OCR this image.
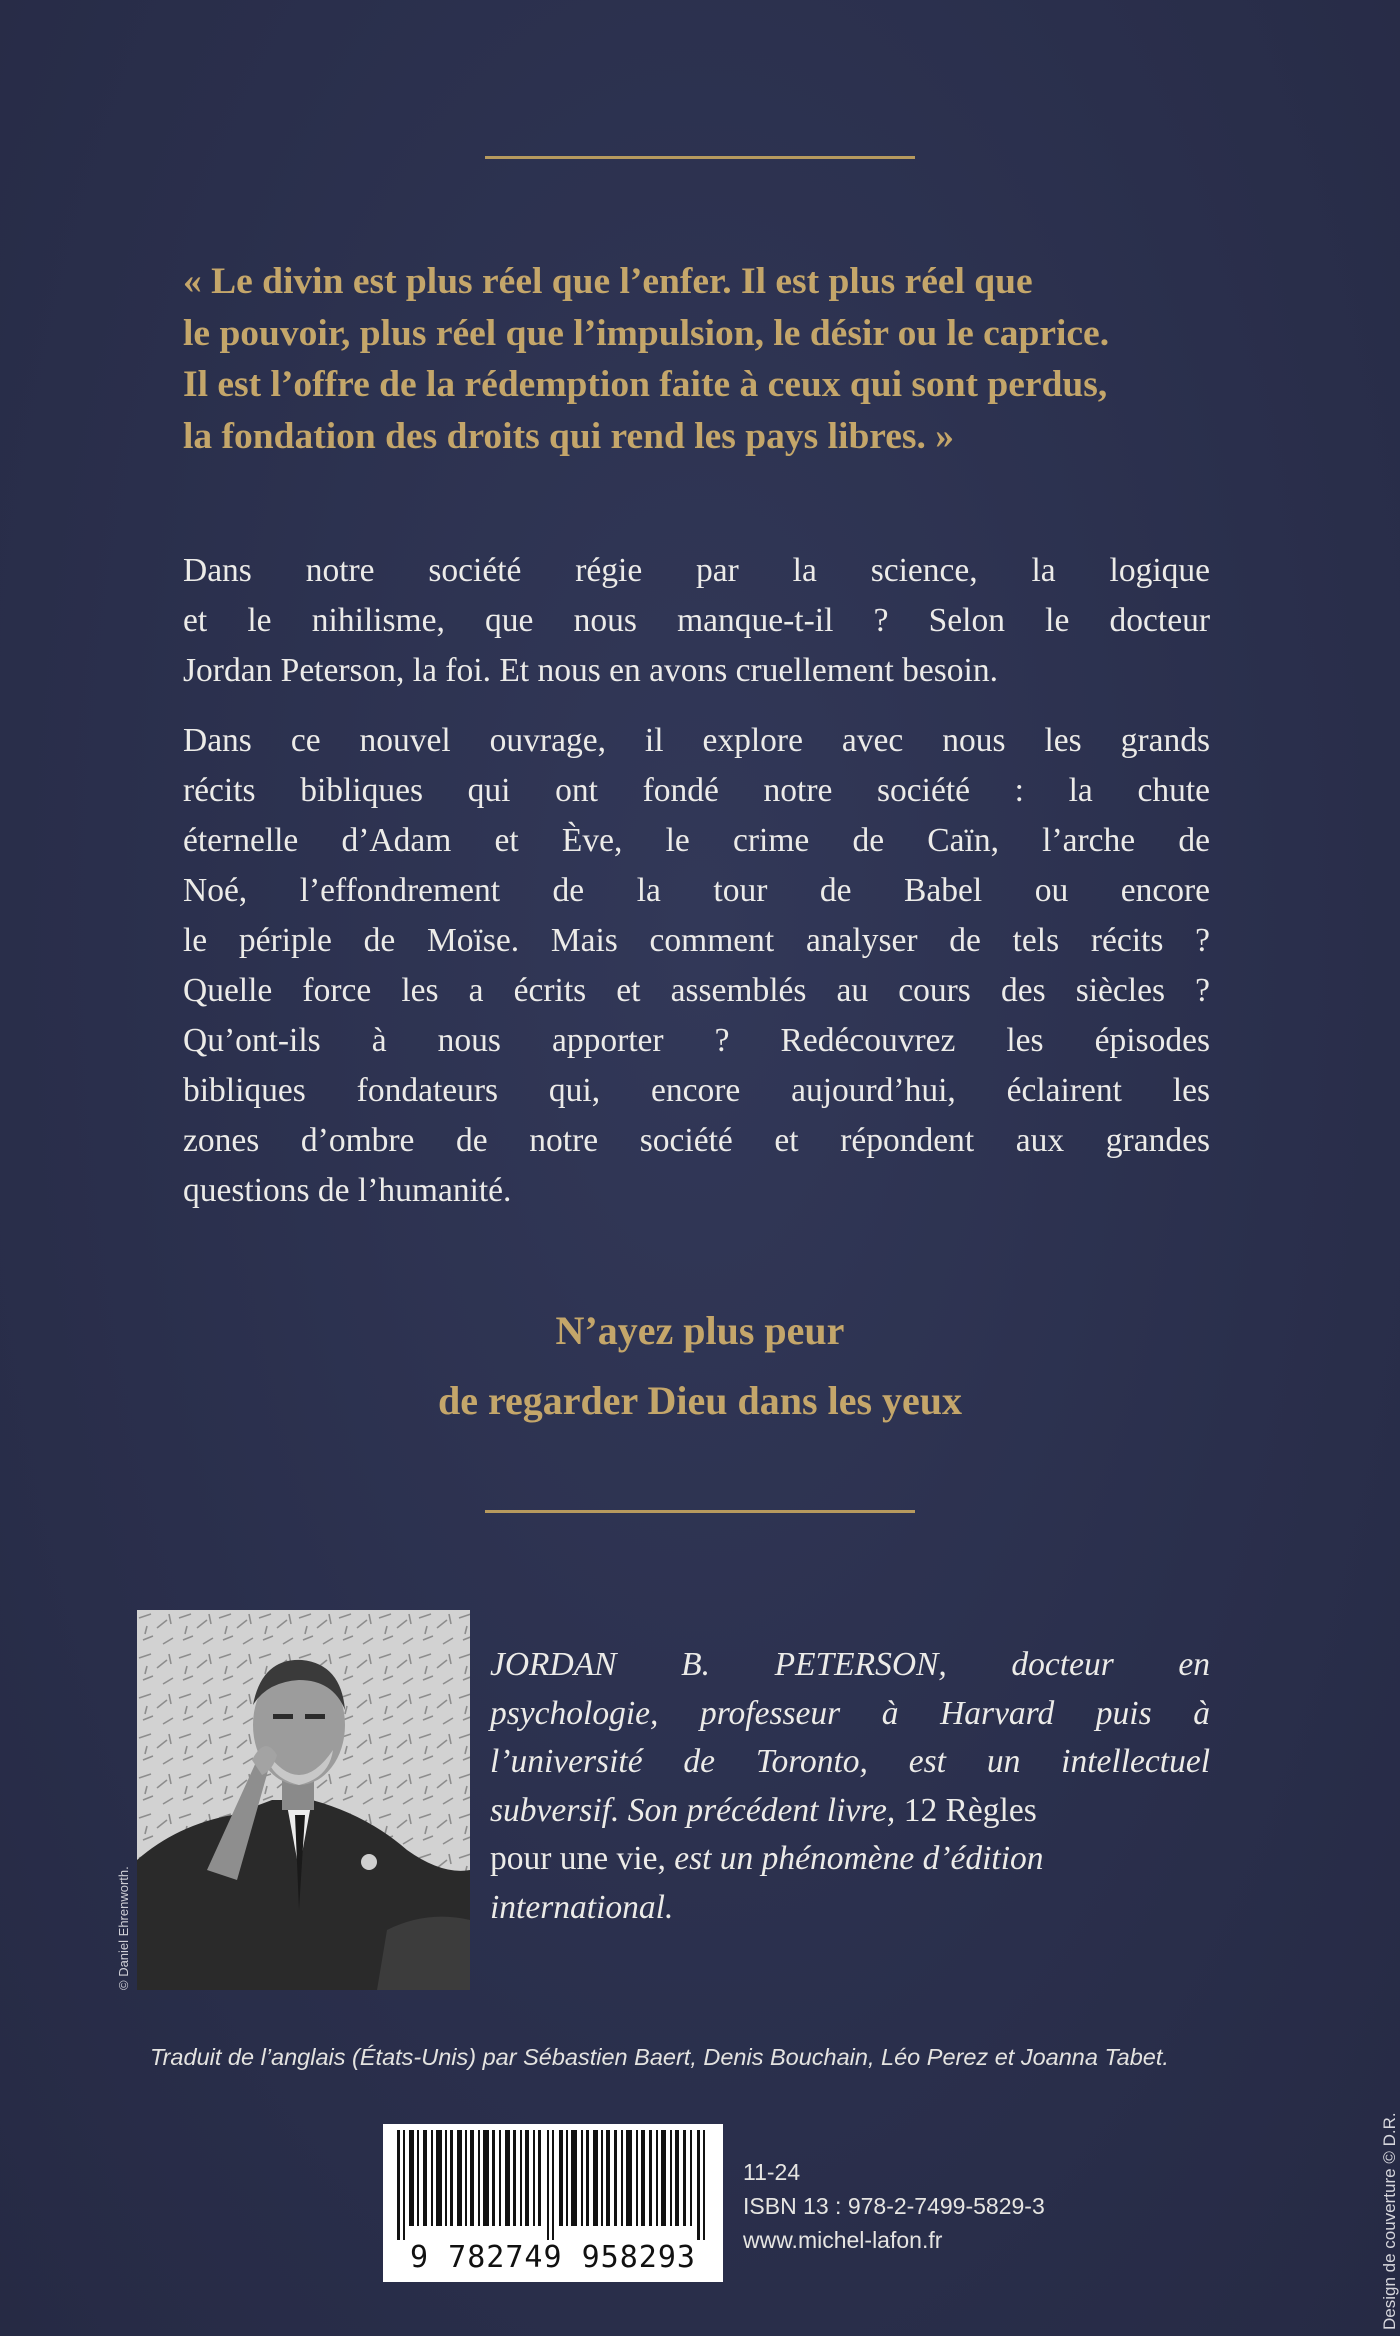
« Le divin est plus réel que l’enfer. Il est plus réel que
le pouvoir, plus réel que l’impulsion, le désir ou le caprice.
Il est l’offre de la rédemption faite à ceux qui sont perdus,
la fondation des droits qui rend les pays libres. »
Dans notre société régie par la science, la logique
et le nihilisme, que nous manque-t-il ? Selon le docteur
Jordan Peterson, la foi. Et nous en avons cruellement besoin.
Dans ce nouvel ouvrage, il explore avec nous les grands
récits bibliques qui ont fondé notre société : la chute
éternelle d’Adam et Ève, le crime de Caïn, l’arche de
Noé, l’effondrement de la tour de Babel ou encore
le périple de Moïse. Mais comment analyser de tels récits ?
Quelle force les a écrits et assemblés au cours des siècles ?
Qu’ont-ils à nous apporter ? Redécouvrez les épisodes
bibliques fondateurs qui, encore aujourd’hui, éclairent les
zones d’ombre de notre société et répondent aux grandes
questions de l’humanité.
N’ayez plus peur
de regarder Dieu dans les yeux
© Daniel Ehrenworth.
JORDAN B. PETERSON, docteur en
psychologie, professeur à Harvard puis à
l’université de Toronto, est un intellectuel
subversif. Son précédent livre, 12 Règles
pour une vie, est un phénomène d’édition
international.
Traduit de l’anglais (États-Unis) par Sébastien Baert, Denis Bouchain, Léo Perez et Joanna Tabet.
9 782749 958293
11-24
ISBN 13 : 978-2-7499-5829-3
www.michel-lafon.fr	Design de couverture © D.R.
